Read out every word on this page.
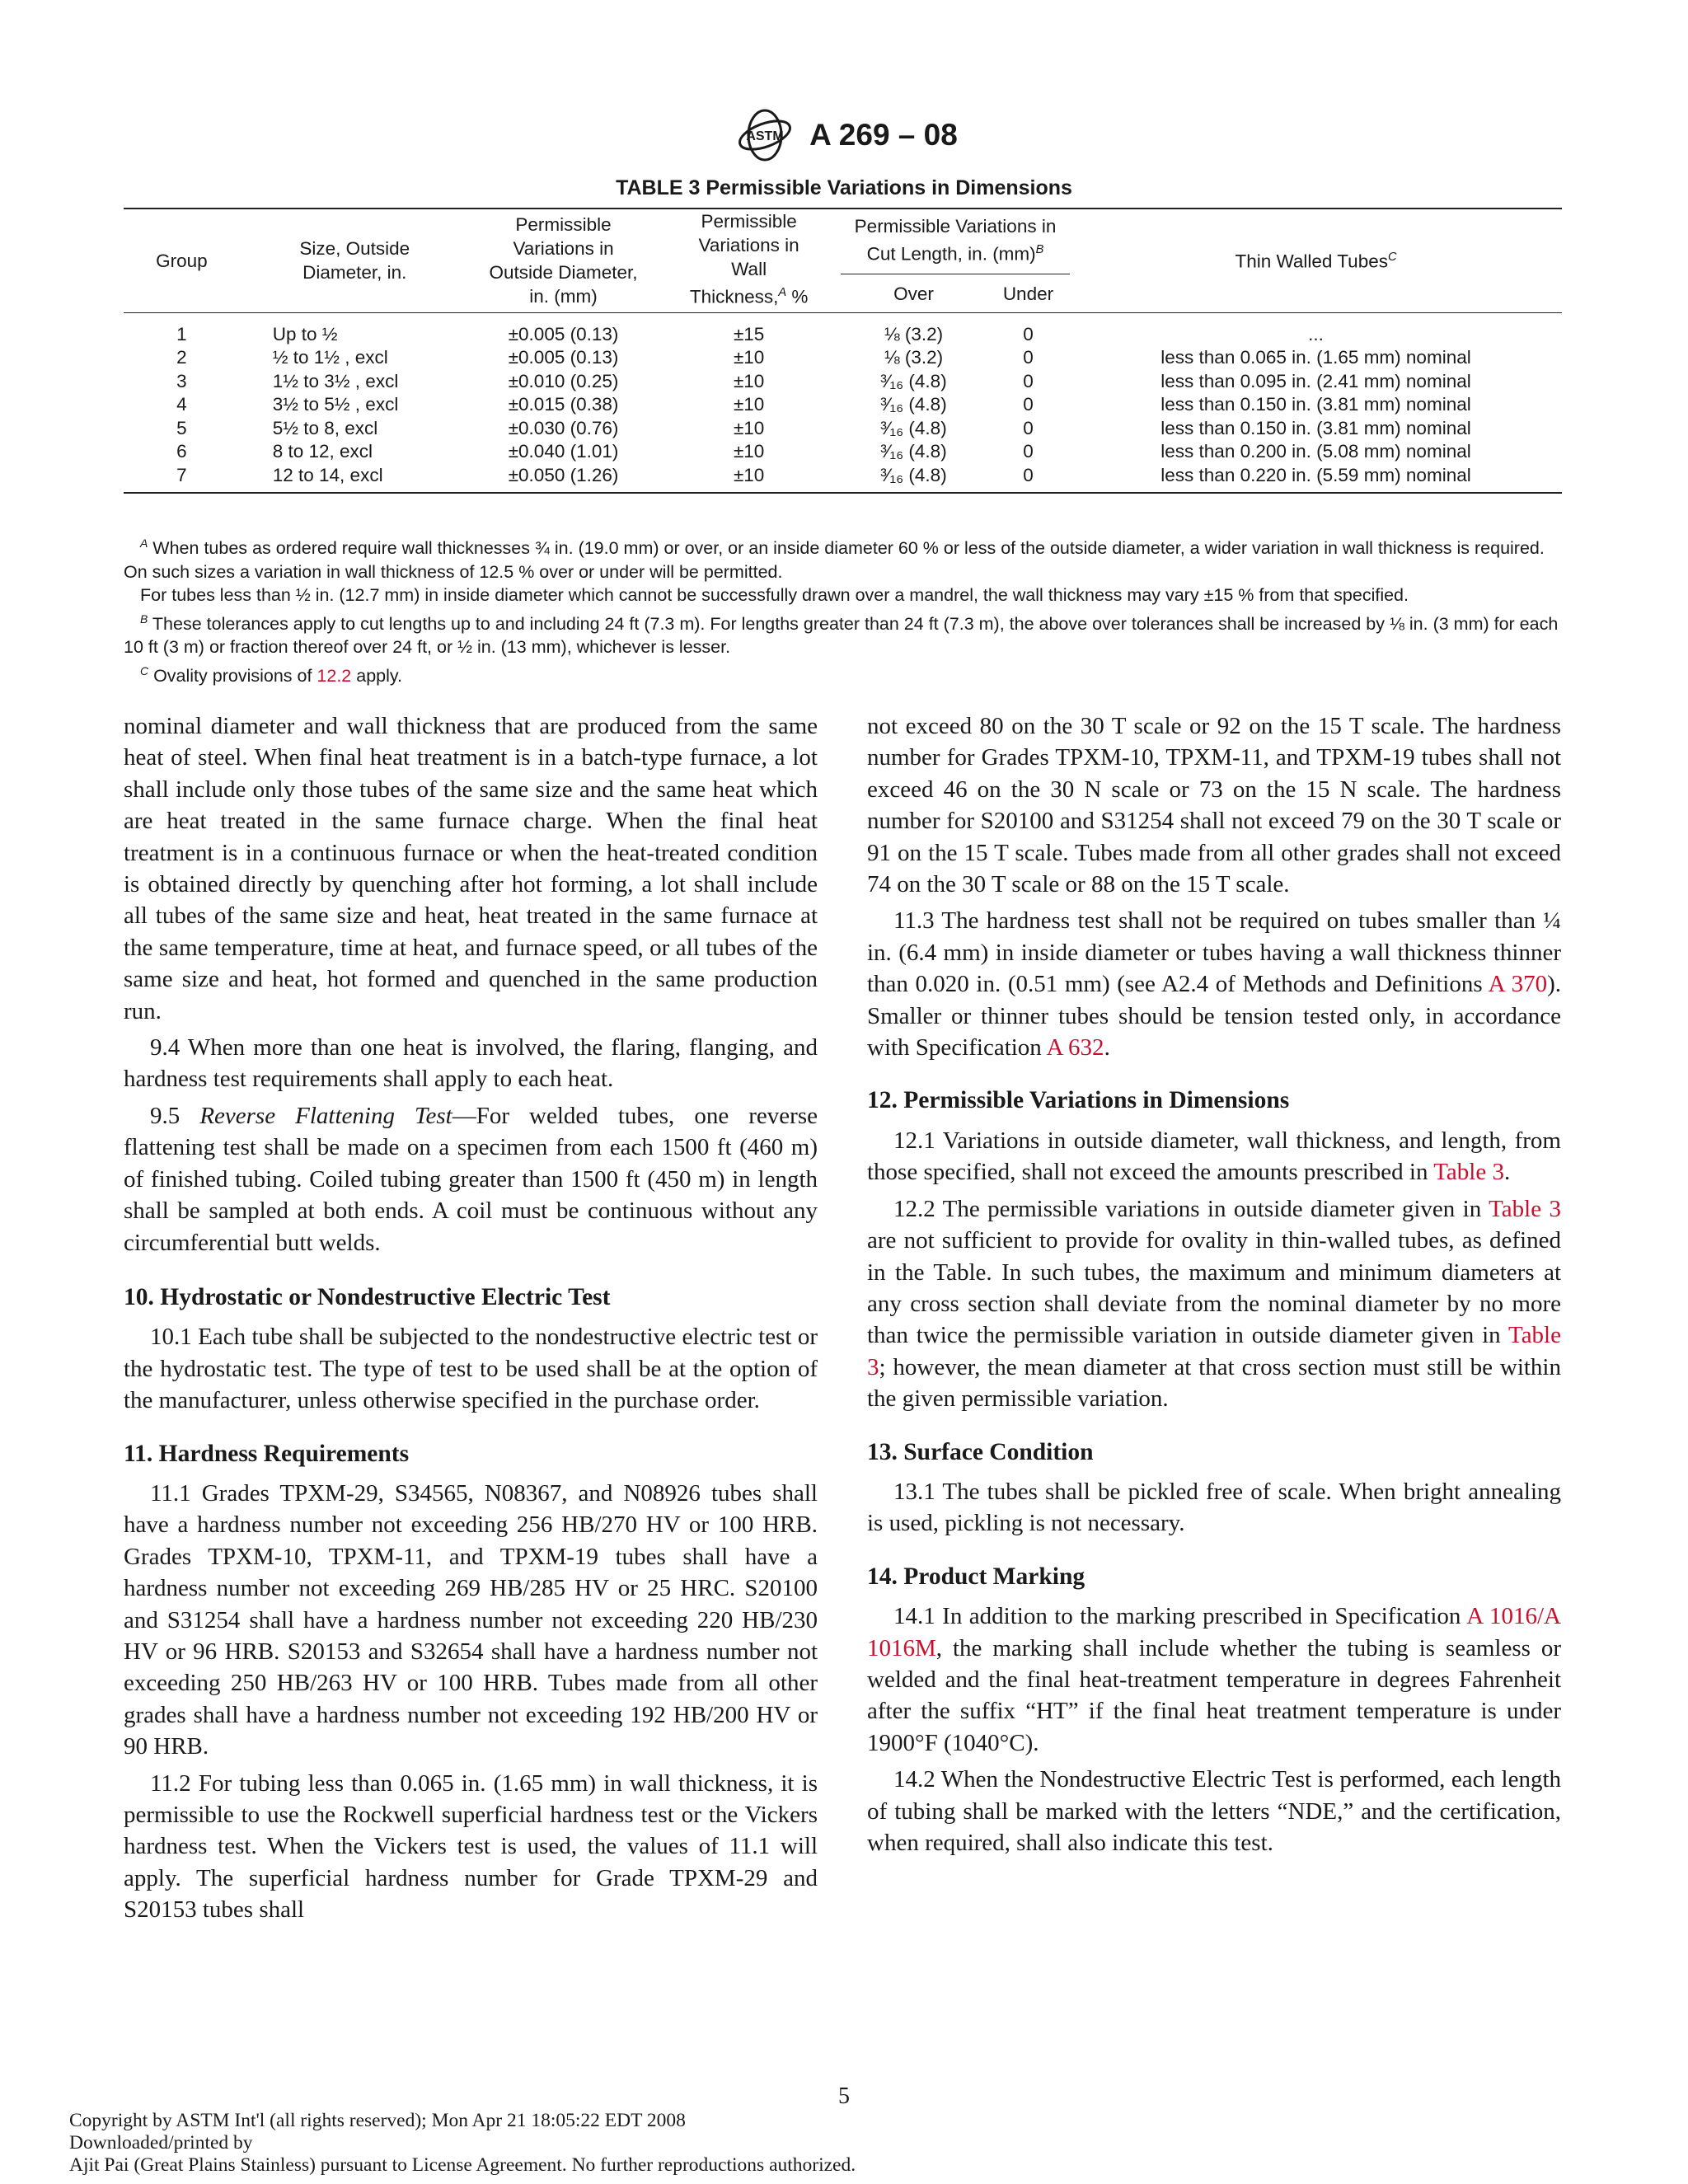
ASTM A 269 – 08
TABLE 3 Permissible Variations in Dimensions

Group	Size, Outside Diameter, in.	Permissible Variations in Outside Diameter, in. (mm)	Permissible Variations in Wall Thickness,$^A$ %	Permissible Variations in Cut Length, in. (mm)$^B$		Thin Walled Tubes$^C$
				Over	Under	

1	Up to ½	±0.005 (0.13)	±15	⅛ (3.2)	0	...
2	½ to 1½ , excl	±0.005 (0.13)	±10	⅛ (3.2)	0	less than 0.065 in. (1.65 mm) nominal
3	1½ to 3½ , excl	±0.010 (0.25)	±10	³⁄₁₆ (4.8)	0	less than 0.095 in. (2.41 mm) nominal
4	3½ to 5½ , excl	±0.015 (0.38)	±10	³⁄₁₆ (4.8)	0	less than 0.150 in. (3.81 mm) nominal
5	5½ to 8, excl	±0.030 (0.76)	±10	³⁄₁₆ (4.8)	0	less than 0.150 in. (3.81 mm) nominal
6	8 to 12, excl	±0.040 (1.01)	±10	³⁄₁₆ (4.8)	0	less than 0.200 in. (5.08 mm) nominal
7	12 to 14, excl	±0.050 (1.26)	±10	³⁄₁₆ (4.8)	0	less than 0.220 in. (5.59 mm) nominal

$^A$ When tubes as ordered require wall thicknesses ¾ in. (19.0 mm) or over, or an inside diameter 60 % or less of the outside diameter, a wider variation in wall thickness is required. On such sizes a variation in wall thickness of 12.5 % over or under will be permitted.

For tubes less than ½ in. (12.7 mm) in inside diameter which cannot be successfully drawn over a mandrel, the wall thickness may vary ±15 % from that specified.

$^B$ These tolerances apply to cut lengths up to and including 24 ft (7.3 m). For lengths greater than 24 ft (7.3 m), the above over tolerances shall be increased by ⅛ in. (3 mm) for each 10 ft (3 m) or fraction thereof over 24 ft, or ½ in. (13 mm), whichever is lesser.

$^C$ Ovality provisions of 12.2 apply.

nominal diameter and wall thickness that are produced from the same heat of steel. When final heat treatment is in a batch-type furnace, a lot shall include only those tubes of the same size and the same heat which are heat treated in the same furnace charge. When the final heat treatment is in a continuous furnace or when the heat-treated condition is obtained directly by quenching after hot forming, a lot shall include all tubes of the same size and heat, heat treated in the same furnace at the same temperature, time at heat, and furnace speed, or all tubes of the same size and heat, hot formed and quenched in the same production run.

9.4 When more than one heat is involved, the flaring, flanging, and hardness test requirements shall apply to each heat.

9.5 Reverse Flattening Test—For welded tubes, one reverse flattening test shall be made on a specimen from each 1500 ft (460 m) of finished tubing. Coiled tubing greater than 1500 ft (450 m) in length shall be sampled at both ends. A coil must be continuous without any circumferential butt welds.

10. Hydrostatic or Nondestructive Electric Test

10.1 Each tube shall be subjected to the nondestructive electric test or the hydrostatic test. The type of test to be used shall be at the option of the manufacturer, unless otherwise specified in the purchase order.

11. Hardness Requirements

11.1 Grades TPXM-29, S34565, N08367, and N08926 tubes shall have a hardness number not exceeding 256 HB/270 HV or 100 HRB. Grades TPXM-10, TPXM-11, and TPXM-19 tubes shall have a hardness number not exceeding 269 HB/285 HV or 25 HRC. S20100 and S31254 shall have a hardness number not exceeding 220 HB/230 HV or 96 HRB. S20153 and S32654 shall have a hardness number not exceeding 250 HB/263 HV or 100 HRB. Tubes made from all other grades shall have a hardness number not exceeding 192 HB/200 HV or 90 HRB.

11.2 For tubing less than 0.065 in. (1.65 mm) in wall thickness, it is permissible to use the Rockwell superficial hardness test or the Vickers hardness test. When the Vickers test is used, the values of 11.1 will apply. The superficial hardness number for Grade TPXM-29 and S20153 tubes shall

not exceed 80 on the 30 T scale or 92 on the 15 T scale. The hardness number for Grades TPXM-10, TPXM-11, and TPXM-19 tubes shall not exceed 46 on the 30 N scale or 73 on the 15 N scale. The hardness number for S20100 and S31254 shall not exceed 79 on the 30 T scale or 91 on the 15 T scale. Tubes made from all other grades shall not exceed 74 on the 30 T scale or 88 on the 15 T scale.

11.3 The hardness test shall not be required on tubes smaller than ¼ in. (6.4 mm) in inside diameter or tubes having a wall thickness thinner than 0.020 in. (0.51 mm) (see A2.4 of Methods and Definitions A 370). Smaller or thinner tubes should be tension tested only, in accordance with Specification A 632.

12. Permissible Variations in Dimensions

12.1 Variations in outside diameter, wall thickness, and length, from those specified, shall not exceed the amounts prescribed in Table 3.

12.2 The permissible variations in outside diameter given in Table 3 are not sufficient to provide for ovality in thin-walled tubes, as defined in the Table. In such tubes, the maximum and minimum diameters at any cross section shall deviate from the nominal diameter by no more than twice the permissible variation in outside diameter given in Table 3; however, the mean diameter at that cross section must still be within the given permissible variation.

13. Surface Condition

13.1 The tubes shall be pickled free of scale. When bright annealing is used, pickling is not necessary.

14. Product Marking

14.1 In addition to the marking prescribed in Specification A 1016/A 1016M, the marking shall include whether the tubing is seamless or welded and the final heat-treatment temperature in degrees Fahrenheit after the suffix “HT” if the final heat treatment temperature is under 1900°F (1040°C).

14.2 When the Nondestructive Electric Test is performed, each length of tubing shall be marked with the letters “NDE,” and the certification, when required, shall also indicate this test.

5
Copyright by ASTM Int'l (all rights reserved); Mon Apr 21 18:05:22 EDT 2008
Downloaded/printed by
Ajit Pai (Great Plains Stainless) pursuant to License Agreement. No further reproductions authorized.
